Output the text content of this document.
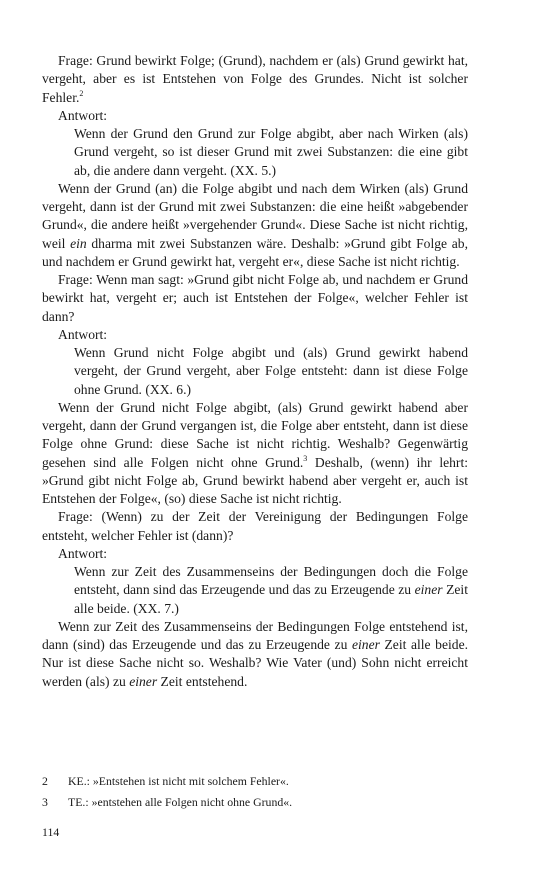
Frage: Grund bewirkt Folge; (Grund), nachdem er (als) Grund gewirkt hat, vergeht, aber es ist Entstehen von Folge des Grundes. Nicht ist solcher Fehler.$^2$

Antwort:

Wenn der Grund den Grund zur Folge abgibt, aber nach Wirken (als) Grund vergeht, so ist dieser Grund mit zwei Substanzen: die eine gibt ab, die andere dann vergeht. (XX. 5.)

Wenn der Grund (an) die Folge abgibt und nach dem Wirken (als) Grund vergeht, dann ist der Grund mit zwei Substanzen: die eine heißt »abgebender Grund«, die andere heißt »vergehender Grund«. Diese Sache ist nicht richtig, weil ein dharma mit zwei Substanzen wäre. Deshalb: »Grund gibt Folge ab, und nachdem er Grund gewirkt hat, vergeht er«, diese Sache ist nicht richtig.

Frage: Wenn man sagt: »Grund gibt nicht Folge ab, und nachdem er Grund bewirkt hat, vergeht er; auch ist Entstehen der Folge«, welcher Fehler ist dann?

Antwort:

Wenn Grund nicht Folge abgibt und (als) Grund gewirkt habend vergeht, der Grund vergeht, aber Folge entsteht: dann ist diese Folge ohne Grund. (XX. 6.)

Wenn der Grund nicht Folge abgibt, (als) Grund gewirkt habend aber vergeht, dann der Grund vergangen ist, die Folge aber entsteht, dann ist diese Folge ohne Grund: diese Sache ist nicht richtig. Weshalb? Gegenwärtig gesehen sind alle Folgen nicht ohne Grund.$^3$ Deshalb, (wenn) ihr lehrt: »Grund gibt nicht Folge ab, Grund bewirkt habend aber vergeht er, auch ist Entstehen der Folge«, (so) diese Sache ist nicht richtig.

Frage: (Wenn) zu der Zeit der Vereinigung der Bedingungen Folge entsteht, welcher Fehler ist (dann)?

Antwort:

Wenn zur Zeit des Zusammenseins der Bedingungen doch die Folge entsteht, dann sind das Erzeugende und das zu Erzeugende zu einer Zeit alle beide. (XX. 7.)

Wenn zur Zeit des Zusammenseins der Bedingungen Folge entstehend ist, dann (sind) das Erzeugende und das zu Erzeugende zu einer Zeit alle beide. Nur ist diese Sache nicht so. Weshalb? Wie Vater (und) Sohn nicht erreicht werden (als) zu einer Zeit entstehend.

2 KE.: »Entstehen ist nicht mit solchem Fehler«.

3 TE.: »entstehen alle Folgen nicht ohne Grund«.

114
